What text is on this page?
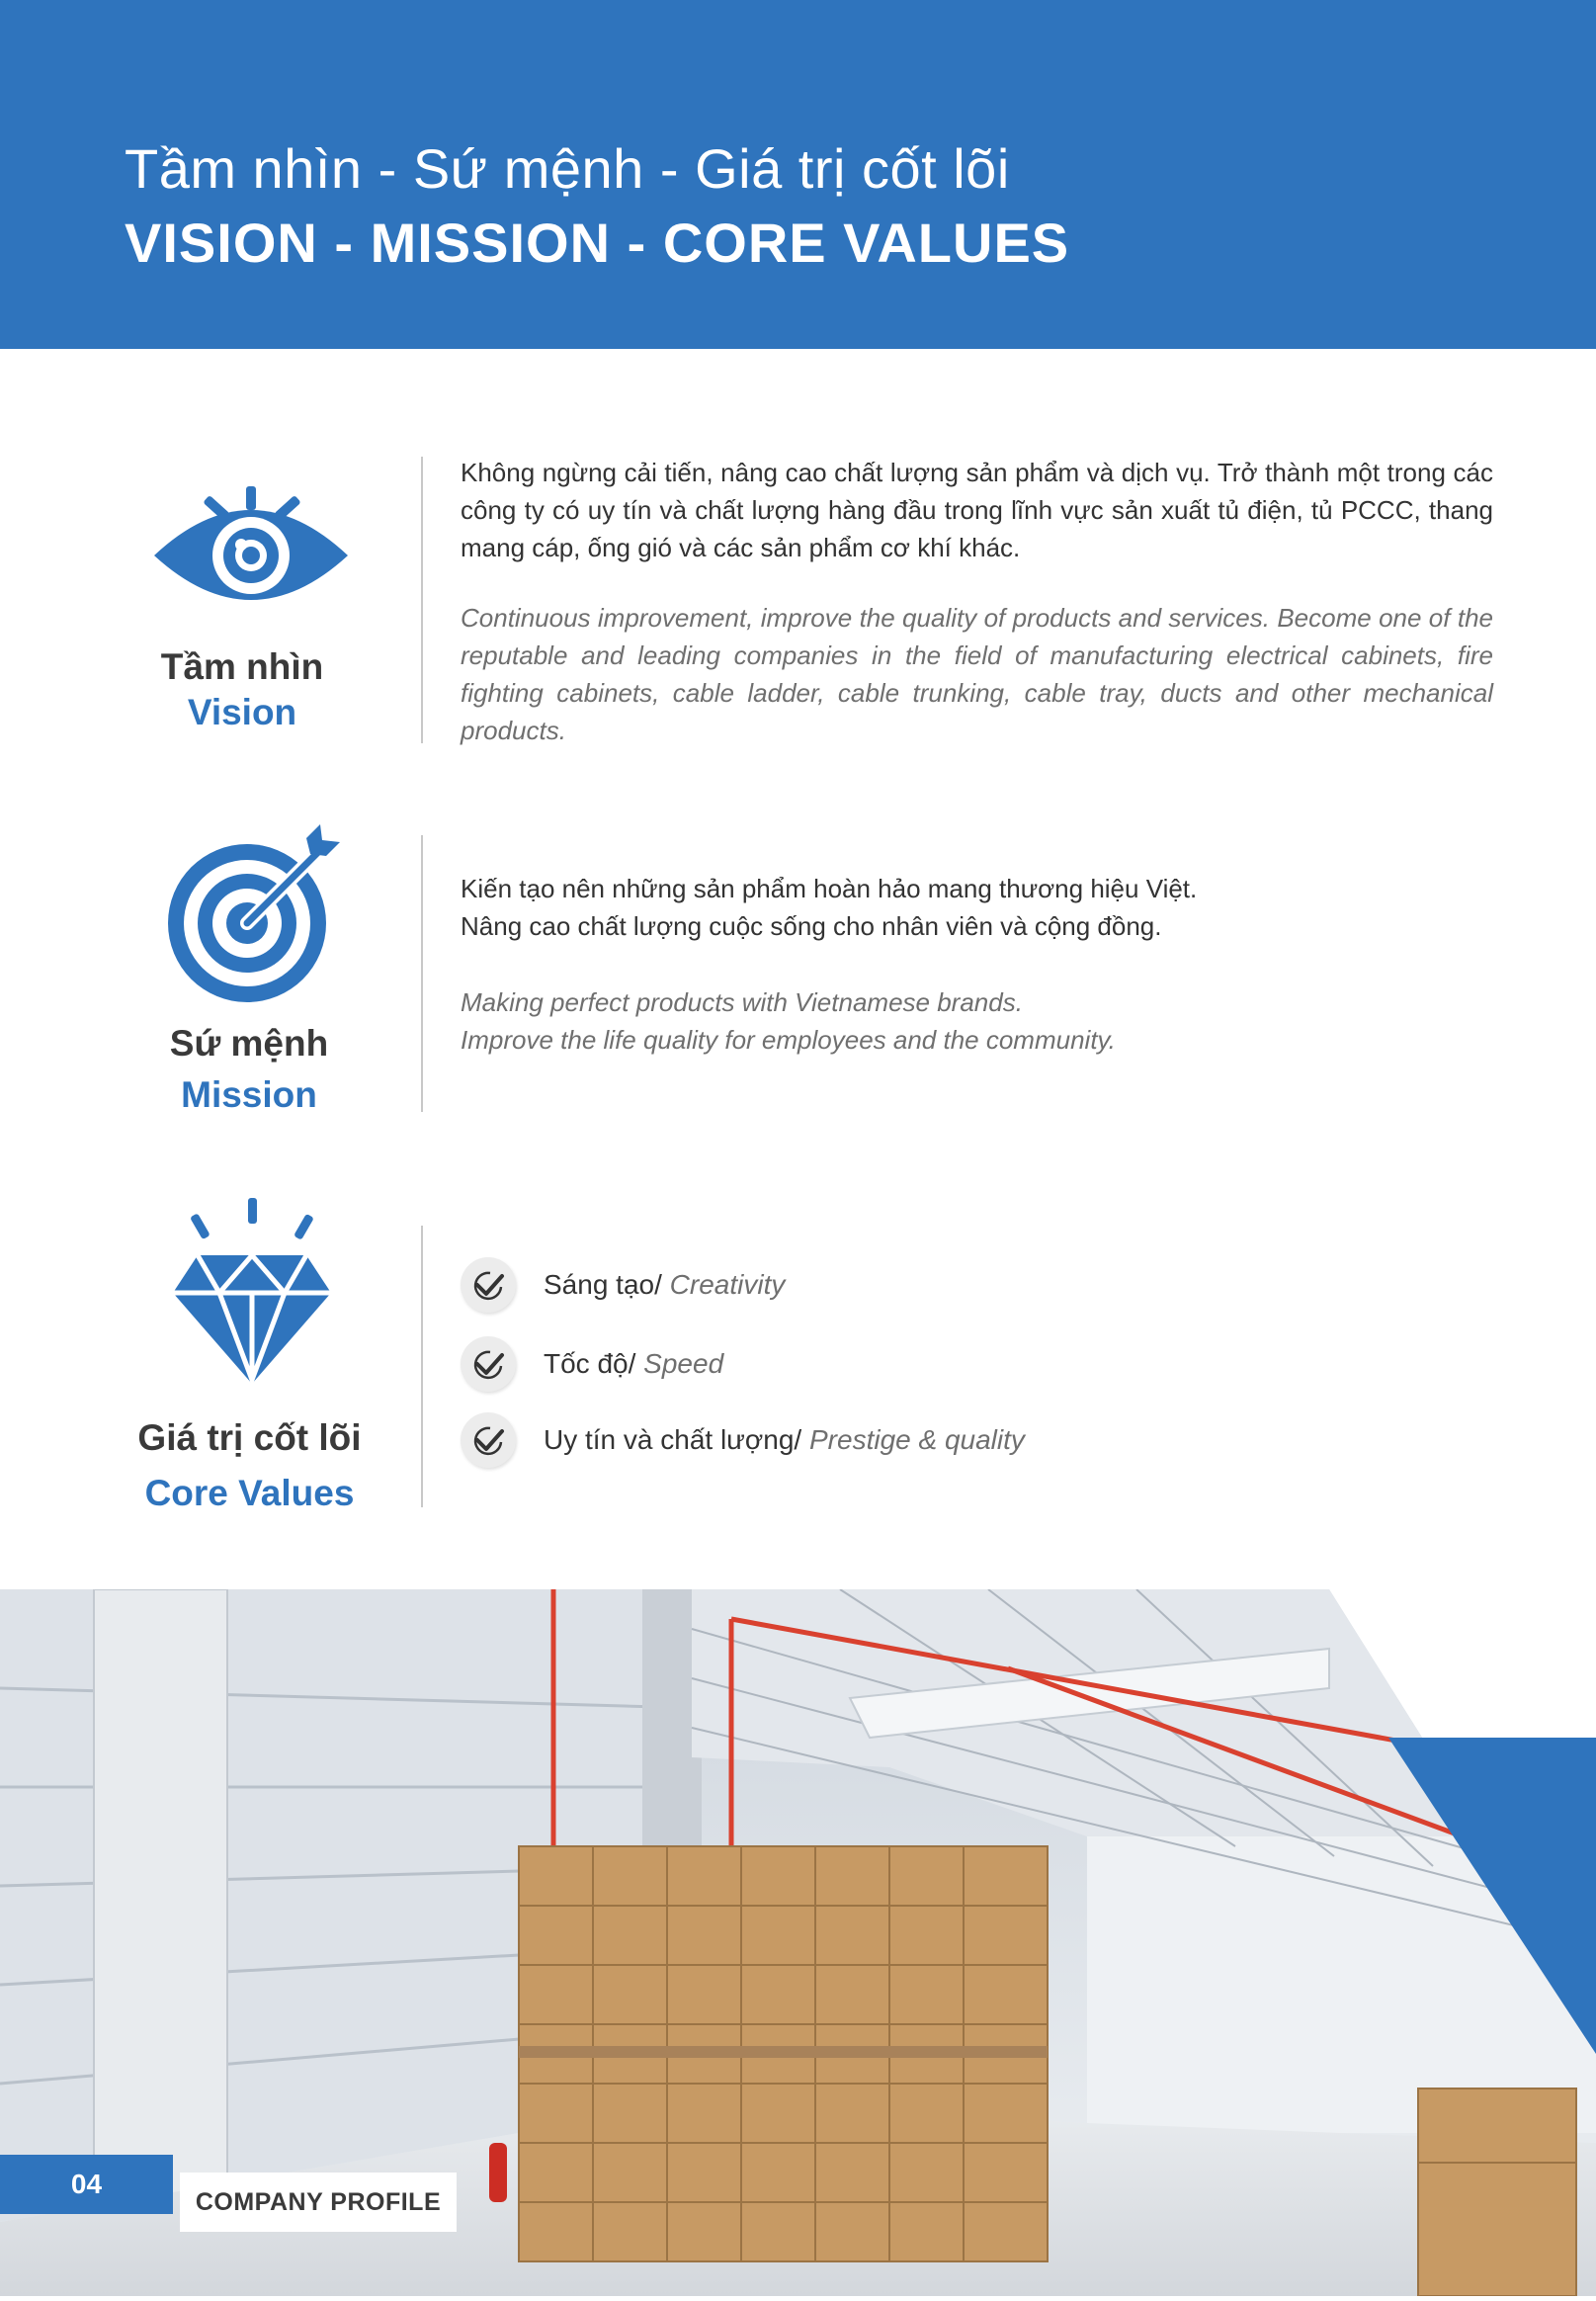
Tầm nhìn - Sứ mệnh - Giá trị cốt lõi
VISION - MISSION - CORE VALUES
Tầm nhìn
Vision
Không ngừng cải tiến, nâng cao chất lượng sản phẩm và dịch vụ. Trở thành một trong các công ty có uy tín và chất lượng hàng đầu trong lĩnh vực sản xuất tủ điện, tủ PCCC, thang mang cáp, ống gió và các sản phẩm cơ khí khác.
Continuous improvement, improve the quality of products and services. Become one of the reputable and leading companies in the field of manufacturing electrical cabinets, fire fighting cabinets, cable ladder, cable trunking, cable tray, ducts and other mechanical products.
Sứ mệnh
Mission
Kiến tạo nên những sản phẩm hoàn hảo mang thương hiệu Việt.
Nâng cao chất lượng cuộc sống cho nhân viên và cộng đồng.
Making perfect products with Vietnamese brands.
Improve the life quality for employees and the community.
Giá trị cốt lõi
Core Values
Sáng tạo/ Creativity
Tốc độ/ Speed
Uy tín và chất lượng/ Prestige & quality
04
COMPANY PROFILE
